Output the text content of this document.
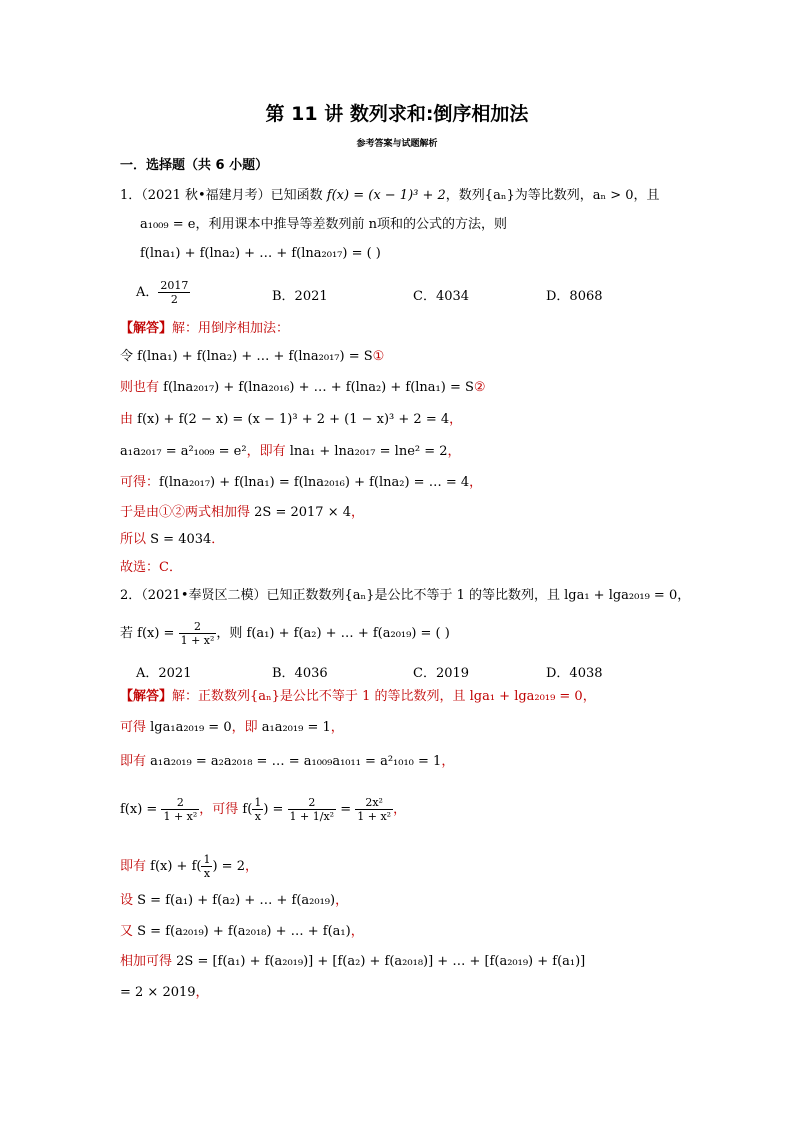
第 11 讲 数列求和:倒序相加法
参考答案与试题解析
一．选择题（共 6 小题）
1．（2021 秋•福建月考）已知函数 f(x) = (x − 1)³ + 2，数列{aₙ}为等比数列，aₙ > 0，且
a₁₀₀₉ = e，利用课本中推导等差数列前 n项和的公式的方法，则
f(lna₁) + f(lna₂) + … + f(lna₂₀₁₇) = ( )
A． $\frac{2017}{2}$	B．2021	C．4034	D．8068
【解答】解：用倒序相加法：
令 f(lna₁) + f(lna₂) + … + f(lna₂₀₁₇) = S①
则也有 f(lna₂₀₁₇) + f(lna₂₀₁₆) + … + f(lna₂) + f(lna₁) = S②
由 f(x) + f(2 − x) = (x − 1)³ + 2 + (1 − x)³ + 2 = 4，
a₁a₂₀₁₇ = a²₁₀₀₉ = e²，即有 lna₁ + lna₂₀₁₇ = lne² = 2，
可得：f(lna₂₀₁₇) + f(lna₁) = f(lna₂₀₁₆) + f(lna₂) = … = 4，
于是由①②两式相加得 2S = 2017 × 4，
所以 S = 4034．
故选：C．
2．（2021•奉贤区二模）已知正数数列{aₙ}是公比不等于 1 的等比数列，且 lga₁ + lga₂₀₁₉ = 0，
若 $f(x) = \frac{2}{\text{1 + x²}}$ ，则 f(a₁) + f(a₂) + … + f(a₂₀₁₉) = ( )
A．2021	B．4036	C．2019	D．4038
【解答】解：正数数列{aₙ}是公比不等于 1 的等比数列，且 lga₁ + lga₂₀₁₉ = 0，
可得 lga₁a₂₀₁₉ = 0，即 a₁a₂₀₁₉ = 1，
即有 a₁a₂₀₁₉ = a₂a₂₀₁₈ = … = a₁₀₀₉a₁₀₁₁ = a²₁₀₁₀ = 1，
$f(x) = \frac{2}{\text{1 + x²}}$ ，可得 $f( \frac{1}{x}$ ) = $\frac{2}{\text{1 + 1/x²}} = \frac{\text{2x²}}{\text{1 + x²}}$ ，
即有 $f(x) + f( \frac{1}{x}$ ) = 2，
设 S = f(a₁) + f(a₂) + … + f(a₂₀₁₉)，
又 S = f(a₂₀₁₉) + f(a₂₀₁₈) + … + f(a₁)，
相加可得 2S = [f(a₁) + f(a₂₀₁₉)] + [f(a₂) + f(a₂₀₁₈)] + … + [f(a₂₀₁₉) + f(a₁)]
= 2 × 2019，
